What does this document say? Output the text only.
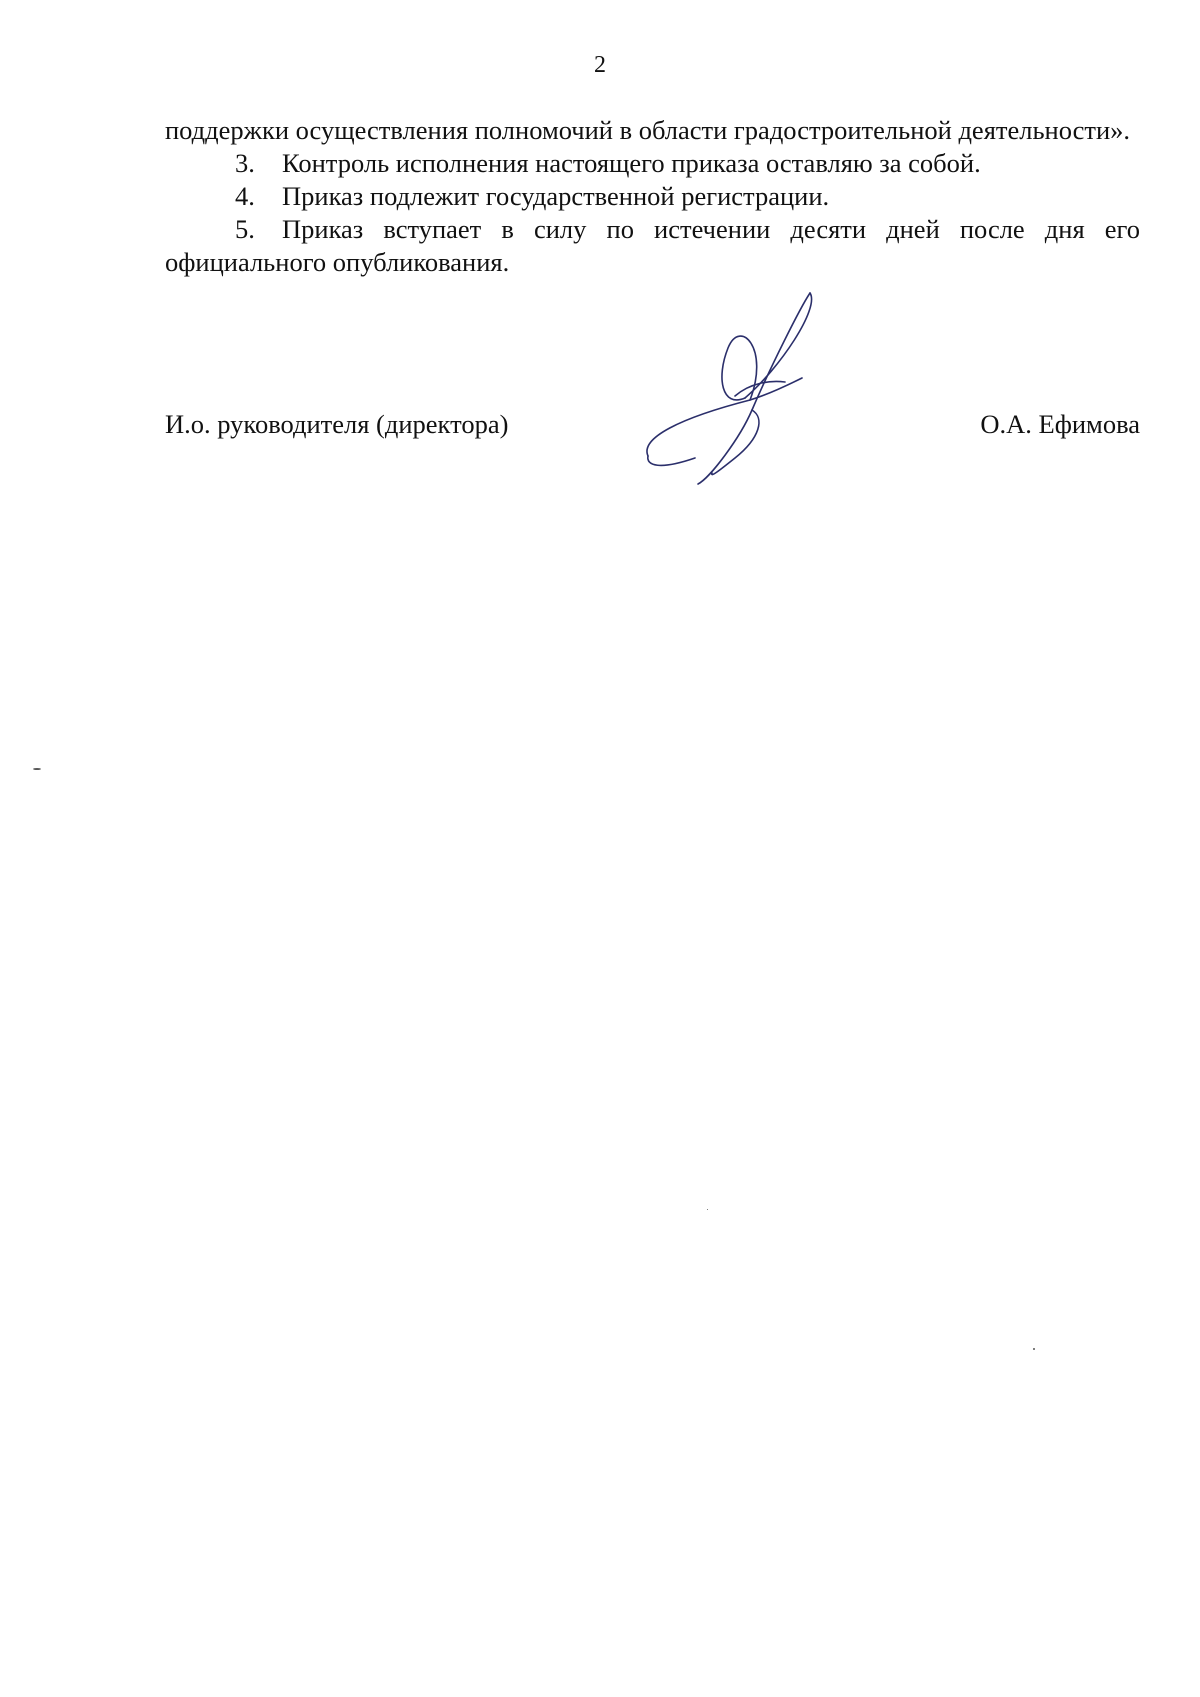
2

поддержки осуществления полномочий в области градостроительной деятельности».

3. Контроль исполнения настоящего приказа оставляю за собой.

4. Приказ подлежит государственной регистрации.

5. Приказ вступает в силу по истечении десяти дней после дня его официального опубликования.

И.о. руководителя (директора)	О.А. Ефимова
